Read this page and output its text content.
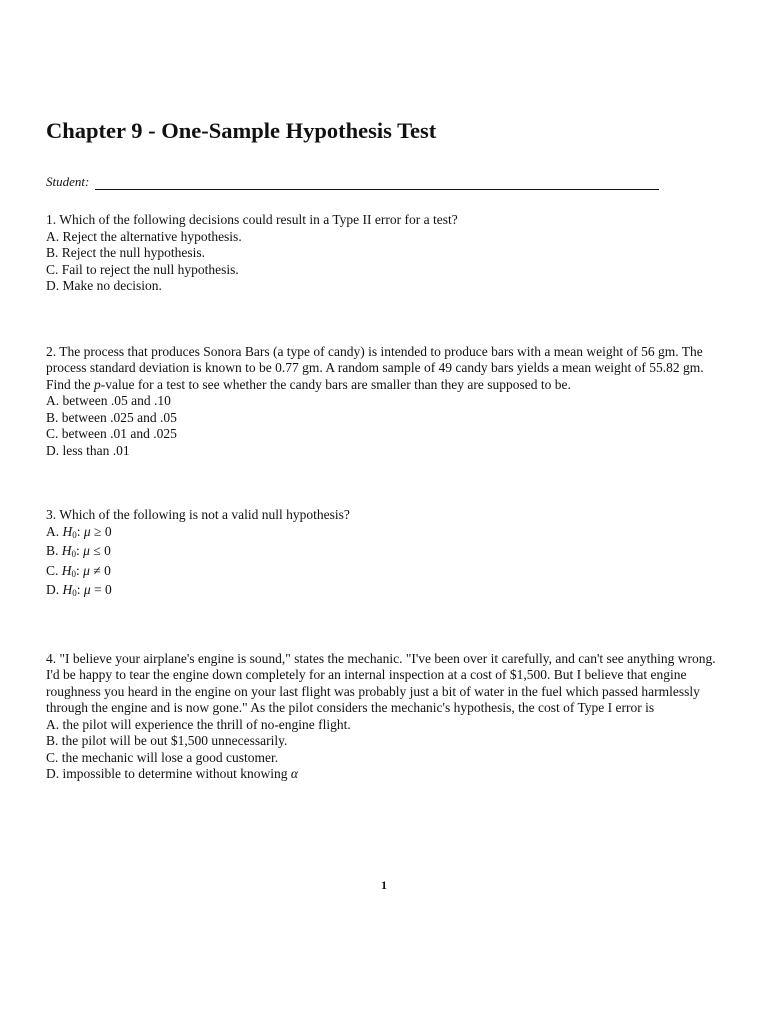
Chapter 9 - One-Sample Hypothesis Test
Student:
1. Which of the following decisions could result in a Type II error for a test?
A. Reject the alternative hypothesis.
B. Reject the null hypothesis.
C. Fail to reject the null hypothesis.
D. Make no decision.
2. The process that produces Sonora Bars (a type of candy) is intended to produce bars with a mean weight of 56 gm. The process standard deviation is known to be 0.77 gm. A random sample of 49 candy bars yields a mean weight of 55.82 gm. Find the p-value for a test to see whether the candy bars are smaller than they are supposed to be.
A. between .05 and .10
B. between .025 and .05
C. between .01 and .025
D. less than .01
3. Which of the following is not a valid null hypothesis?
A. $H_0$: μ ≥ 0
B. $H_0$: μ ≤ 0
C. $H_0$: μ ≠ 0
D. $H_0$: μ = 0
4. "I believe your airplane's engine is sound," states the mechanic. "I've been over it carefully, and can't see anything wrong. I'd be happy to tear the engine down completely for an internal inspection at a cost of $1,500. But I believe that engine roughness you heard in the engine on your last flight was probably just a bit of water in the fuel which passed harmlessly through the engine and is now gone." As the pilot considers the mechanic's hypothesis, the cost of Type I error is
A. the pilot will experience the thrill of no-engine flight.
B. the pilot will be out $1,500 unnecessarily.
C. the mechanic will lose a good customer.
D. impossible to determine without knowing α
1
